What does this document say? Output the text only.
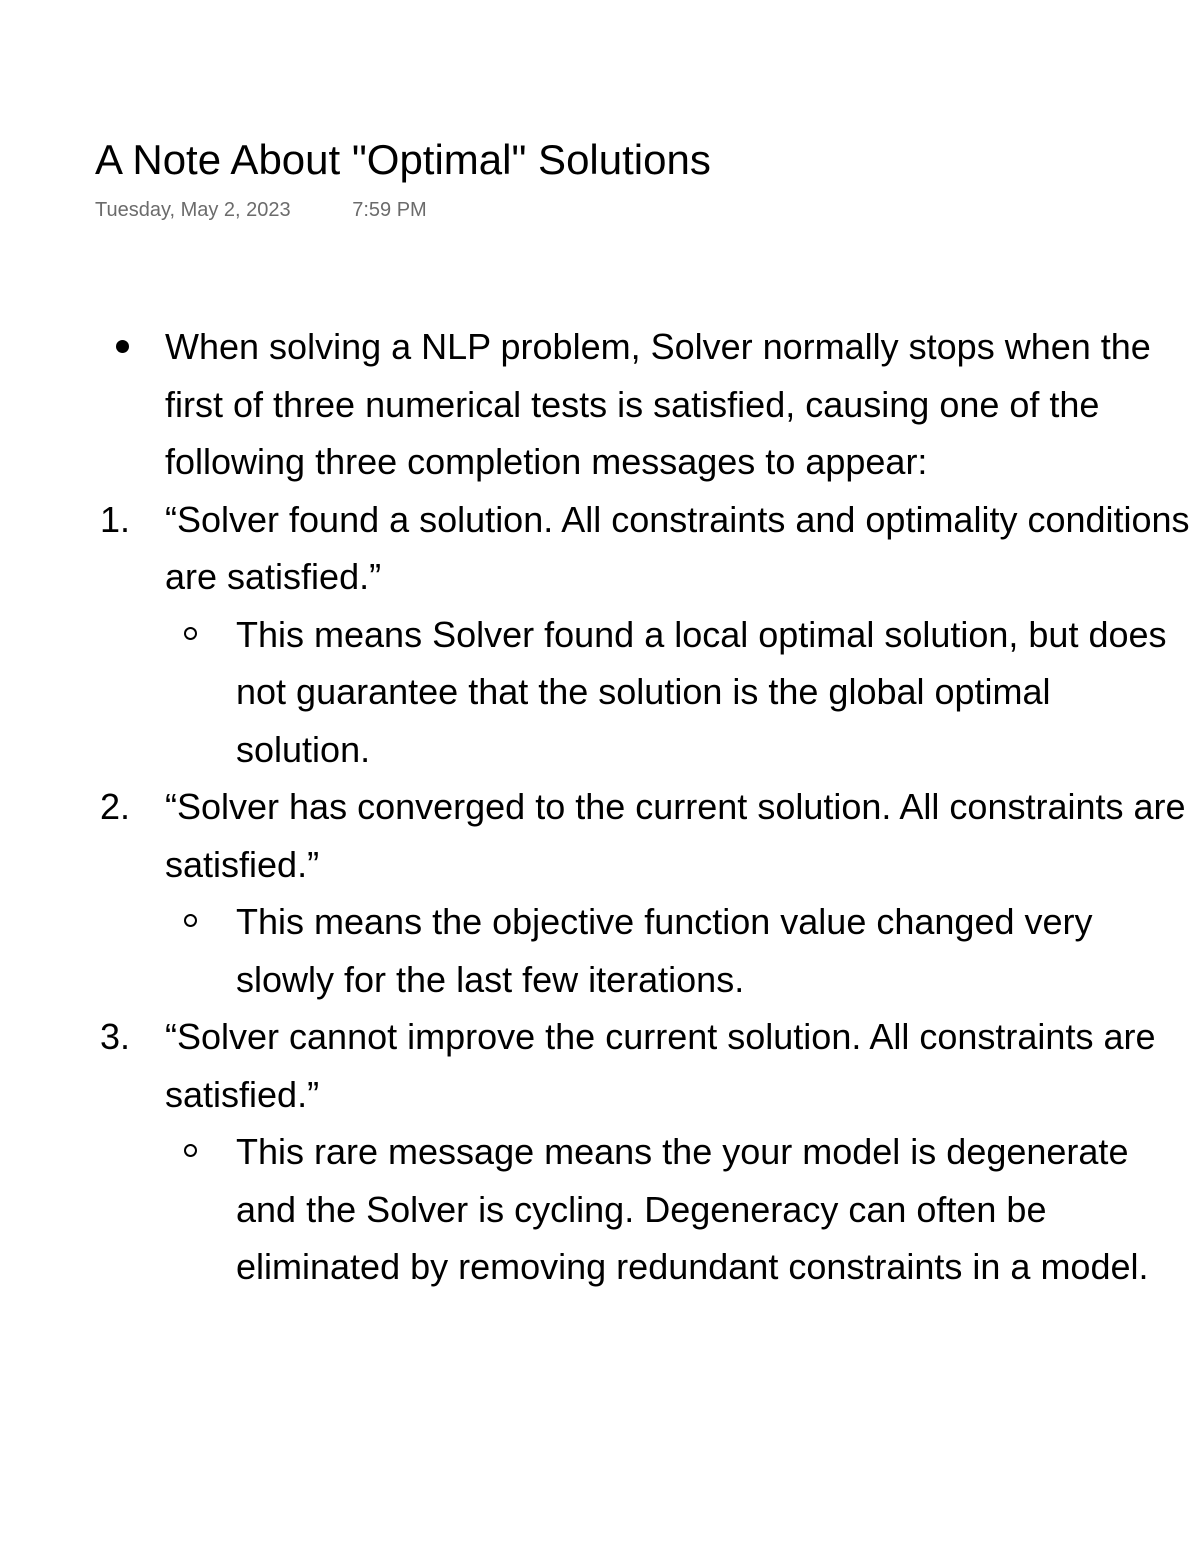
A Note About "Optimal" Solutions
Tuesday, May 2, 2023	7:59 PM

When solving a NLP problem, Solver normally stops when the first of three numerical tests is satisfied, causing one of the following three completion messages to appear:

1. “Solver found a solution. All constraints and optimality conditions are satisfied.”

This means Solver found a local optimal solution, but does not guarantee that the solution is the global optimal solution.

2. “Solver has converged to the current solution. All constraints are satisfied.”

This means the objective function value changed very slowly for the last few iterations.

3. “Solver cannot improve the current solution. All constraints are satisfied.”

This rare message means the your model is degenerate and the Solver is cycling. Degeneracy can often be eliminated by removing redundant constraints in a model.
